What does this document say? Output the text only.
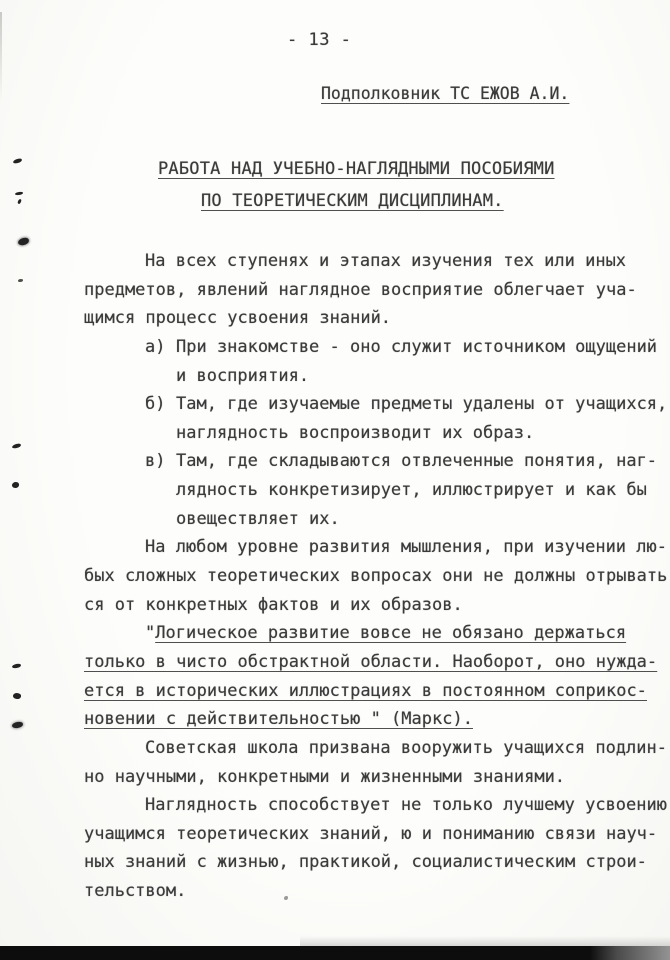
- 13 -
Подполковник ТС ЕЖОВ А.И.
РАБОТА НАД УЧЕБНО-НАГЛЯДНЫМИ ПОСОБИЯМИ
ПО ТЕОРЕТИЧЕСКИМ ДИСЦИПЛИНАМ.
На всех ступенях и этапах изучения тех или иных
предметов, явлений наглядное восприятие облегчает уча-
щимся процесс усвоения знаний.
а) При знакомстве - оно служит источником ощущений
и восприятия.
б) Там, где изучаемые предметы удалены от учащихся,
наглядность воспроизводит их образ.
в) Там, где складываются отвлеченные понятия, наг-
лядность конкретизирует, иллюстрирует и как бы
овеществляет их.
На любом уровне развития мышления, при изучении лю-
бых сложных теоретических вопросах они не должны отрывать
ся от конкретных фактов и их образов.
"Логическое развитие вовсе не обязано держаться
только в чисто обстрактной области. Наоборот, оно нужда-
ется в исторических иллюстрациях в постоянном соприкос-
новении с действительностью " (Маркс).
Советская школа призвана вооружить учащихся подлин-
но научными, конкретными и жизненными знаниями.
Наглядность способствует не только лучшему усвоению
учащимся теоретических знаний, ю и пониманию связи науч-
ных знаний с жизнью, практикой, социалистическим строи-
тельством.
